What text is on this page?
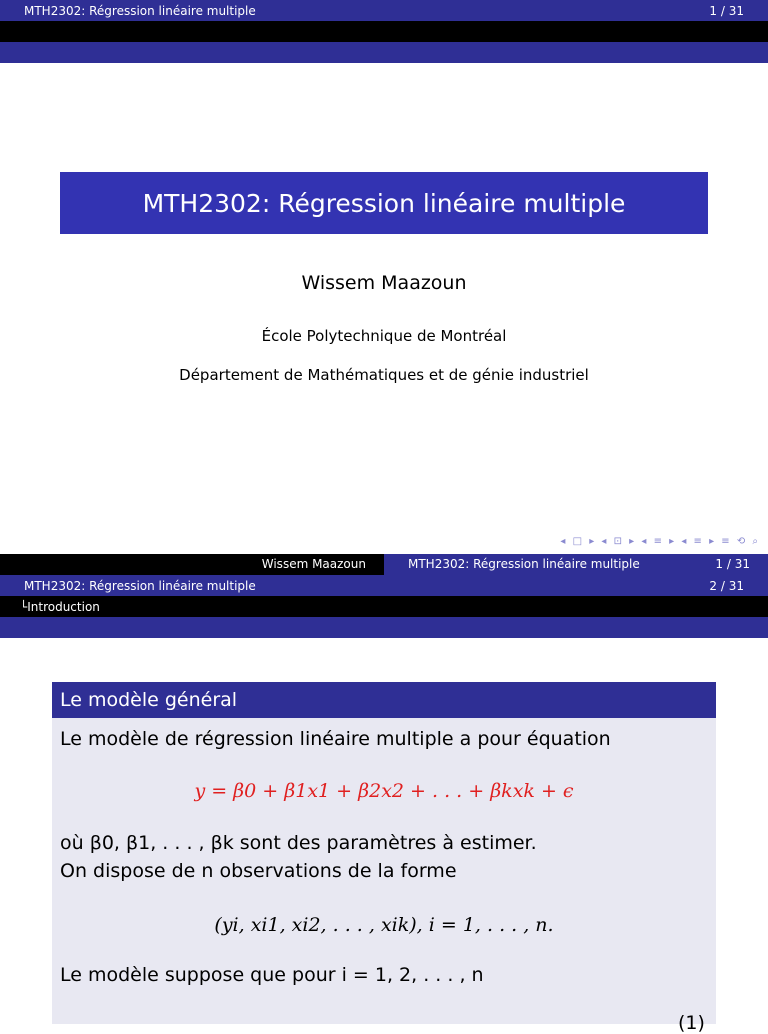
MTH2302: Régression linéaire multiple	1 / 31
MTH2302: Régression linéaire multiple
Wissem Maazoun
École Polytechnique de Montréal
Département de Mathématiques et de génie industriel
◂ □ ▸ ◂ ⊡ ▸ ◂ ≡ ▸ ◂ ≡ ▸ ≡ ⟲ ⌕
Wissem Maazoun	MTH2302: Régression linéaire multiple	1 / 31
MTH2302: Régression linéaire multiple	2 / 31
└Introduction
Le modèle général
Le modèle de régression linéaire multiple a pour équation
y = β0 + β1x1 + β2x2 + . . . + βkxk + ϵ
où β0, β1, . . . , βk sont des paramètres à estimer.
On dispose de n observations de la forme
(yi, xi1, xi2, . . . , xik), i = 1, . . . , n.
Le modèle suppose que pour i = 1, 2, . . . , n
(1)
